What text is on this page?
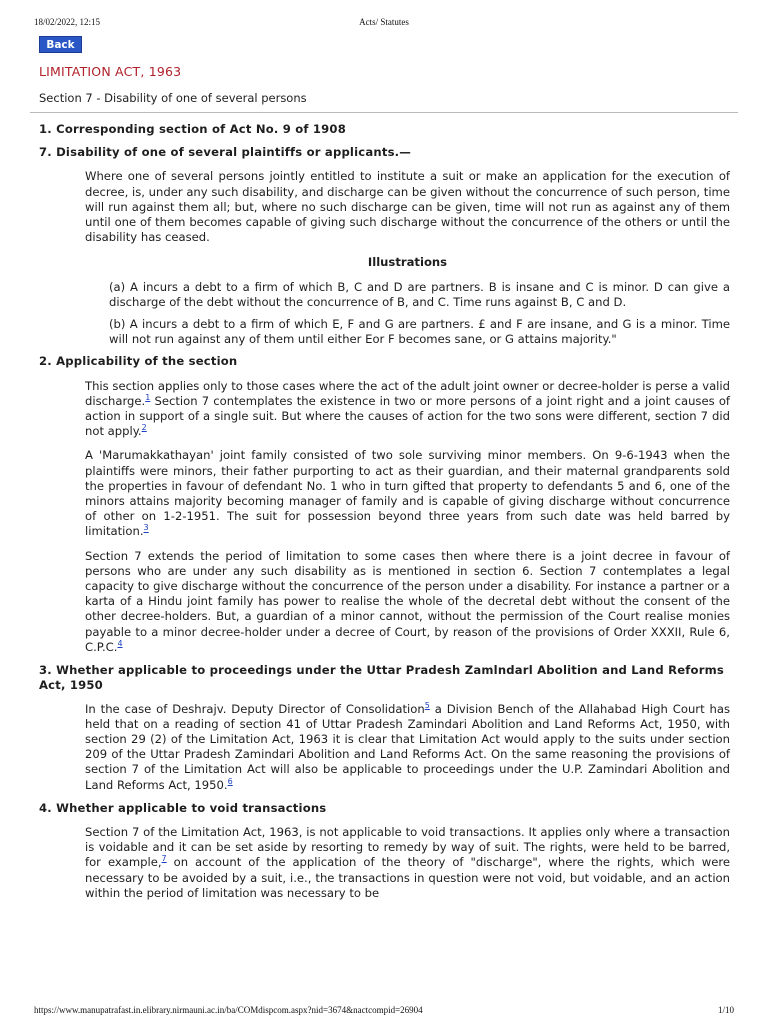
18/02/2022, 12:15	Acts/ Statutes
Back
LIMITATION ACT, 1963
Section 7 - Disability of one of several persons
1. Corresponding section of Act No. 9 of 1908
7. Disability of one of several plaintiffs or applicants.—

Where one of several persons jointly entitled to institute a suit or make an application for the execution of decree, is, under any such disability, and discharge can be given without the concurrence of such person, time will run against them all; but, where no such discharge can be given, time will not run as against any of them until one of them becomes capable of giving such discharge without the concurrence of the others or until the disability has ceased.

Illustrations

(a) A incurs a debt to a firm of which B, C and D are partners. B is insane and C is minor. D can give a discharge of the debt without the concurrence of B, and C. Time runs against B, C and D.

(b) A incurs a debt to a firm of which E, F and G are partners. £ and F are insane, and G is a minor. Time will not run against any of them until either Eor F becomes sane, or G attains majority."

2. Applicability of the section

This section applies only to those cases where the act of the adult joint owner or decree-holder is perse a valid discharge.$^1$ Section 7 contemplates the existence in two or more persons of a joint right and a joint causes of action in support of a single suit. But where the causes of action for the two sons were different, section 7 did not apply.$^2$

A 'Marumakkathayan' joint family consisted of two sole surviving minor members. On 9-6-1943 when the plaintiffs were minors, their father purporting to act as their guardian, and their maternal grandparents sold the properties in favour of defendant No. 1 who in turn gifted that property to defendants 5 and 6, one of the minors attains majority becoming manager of family and is capable of giving discharge without concurrence of other on 1-2-1951. The suit for possession beyond three years from such date was held barred by limitation.$^3$

Section 7 extends the period of limitation to some cases then where there is a joint decree in favour of persons who are under any such disability as is mentioned in section 6. Section 7 contemplates a legal capacity to give discharge without the concurrence of the person under a disability. For instance a partner or a karta of a Hindu joint family has power to realise the whole of the decretal debt without the consent of the other decree-holders. But, a guardian of a minor cannot, without the permission of the Court realise monies payable to a minor decree-holder under a decree of Court, by reason of the provisions of Order XXXII, Rule 6, C.P.C.$^4$

3. Whether applicable to proceedings under the Uttar Pradesh Zamlndarl Abolition and Land Reforms Act, 1950

In the case of Deshrajv. Deputy Director of Consolidation$^5$ a Division Bench of the Allahabad High Court has held that on a reading of section 41 of Uttar Pradesh Zamindari Abolition and Land Reforms Act, 1950, with section 29 (2) of the Limitation Act, 1963 it is clear that Limitation Act would apply to the suits under section 209 of the Uttar Pradesh Zamindari Abolition and Land Reforms Act. On the same reasoning the provisions of section 7 of the Limitation Act will also be applicable to proceedings under the U.P. Zamindari Abolition and Land Reforms Act, 1950.$^6$

4. Whether applicable to void transactions

Section 7 of the Limitation Act, 1963, is not applicable to void transactions. It applies only where a transaction is voidable and it can be set aside by resorting to remedy by way of suit. The rights, were held to be barred, for example,$^7$ on account of the application of the theory of "discharge", where the rights, which were necessary to be avoided by a suit, i.e., the transactions in question were not void, but voidable, and an action within the period of limitation was necessary to be

https://www.manupatrafast.in.elibrary.nirmauni.ac.in/ba/COMdispcom.aspx?nid=3674&nactcompid=26904	1/10
